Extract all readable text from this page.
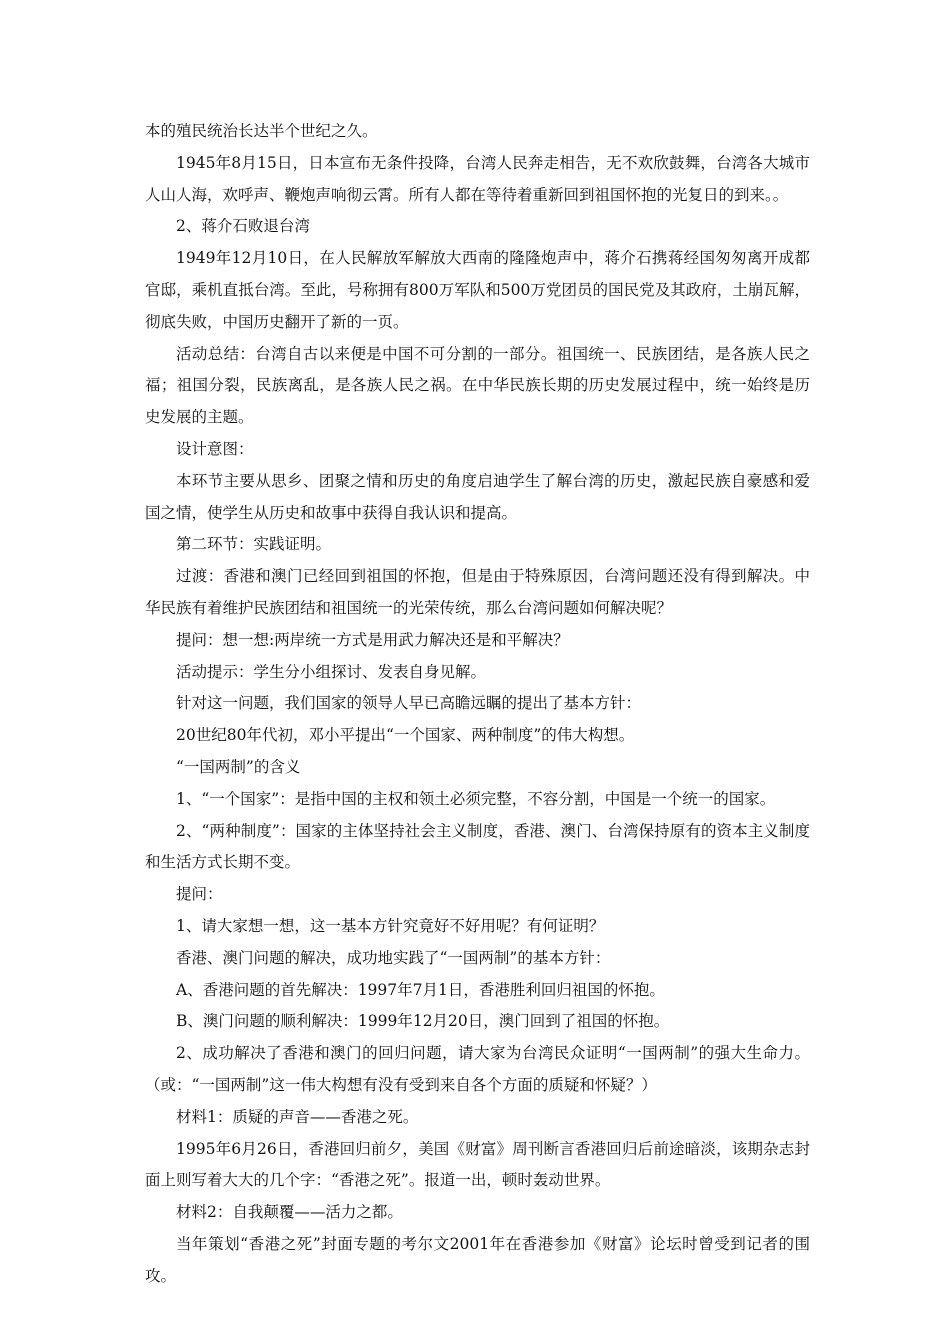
本的殖民统治长达半个世纪之久。

1945年8月15日，日本宣布无条件投降，台湾人民奔走相告，无不欢欣鼓舞，台湾各大城市人山人海，欢呼声、鞭炮声响彻云霄。所有人都在等待着重新回到祖国怀抱的光复日的到来。。

2、蒋介石败退台湾

1949年12月10日，在人民解放军解放大西南的隆隆炮声中，蒋介石携蒋经国匆匆离开成都官邸，乘机直抵台湾。至此，号称拥有800万军队和500万党团员的国民党及其政府，土崩瓦解，彻底失败，中国历史翻开了新的一页。

活动总结：台湾自古以来便是中国不可分割的一部分。祖国统一、民族团结，是各族人民之福；祖国分裂，民族离乱，是各族人民之祸。在中华民族长期的历史发展过程中，统一始终是历史发展的主题。

设计意图：

本环节主要从思乡、团聚之情和历史的角度启迪学生了解台湾的历史，激起民族自豪感和爱国之情，使学生从历史和故事中获得自我认识和提高。

第二环节：实践证明。

过渡：香港和澳门已经回到祖国的怀抱，但是由于特殊原因，台湾问题还没有得到解决。中华民族有着维护民族团结和祖国统一的光荣传统，那么台湾问题如何解决呢？

提问：想一想:两岸统一方式是用武力解决还是和平解决？

活动提示：学生分小组探讨、发表自身见解。

针对这一问题，我们国家的领导人早已高瞻远瞩的提出了基本方针：

20世纪80年代初，邓小平提出“一个国家、两种制度”的伟大构想。

“一国两制”的含义

1、“一个国家”：是指中国的主权和领土必须完整，不容分割，中国是一个统一的国家。

2、“两种制度”：国家的主体坚持社会主义制度，香港、澳门、台湾保持原有的资本主义制度和生活方式长期不变。

提问：

1、请大家想一想，这一基本方针究竟好不好用呢？有何证明？

香港、澳门问题的解决，成功地实践了“一国两制”的基本方针：

A、香港问题的首先解决：1997年7月1日，香港胜利回归祖国的怀抱。

B、澳门问题的顺利解决：1999年12月20日，澳门回到了祖国的怀抱。

2、成功解决了香港和澳门的回归问题，请大家为台湾民众证明“一国两制”的强大生命力。（或：“一国两制”这一伟大构想有没有受到来自各个方面的质疑和怀疑？）

材料1：质疑的声音——香港之死。

1995年6月26日，香港回归前夕，美国《财富》周刊断言香港回归后前途暗淡，该期杂志封面上则写着大大的几个字：“香港之死”。报道一出，顿时轰动世界。

材料2：自我颠覆——活力之都。

当年策划“香港之死”封面专题的考尔文2001年在香港参加《财富》论坛时曾受到记者的围攻。
